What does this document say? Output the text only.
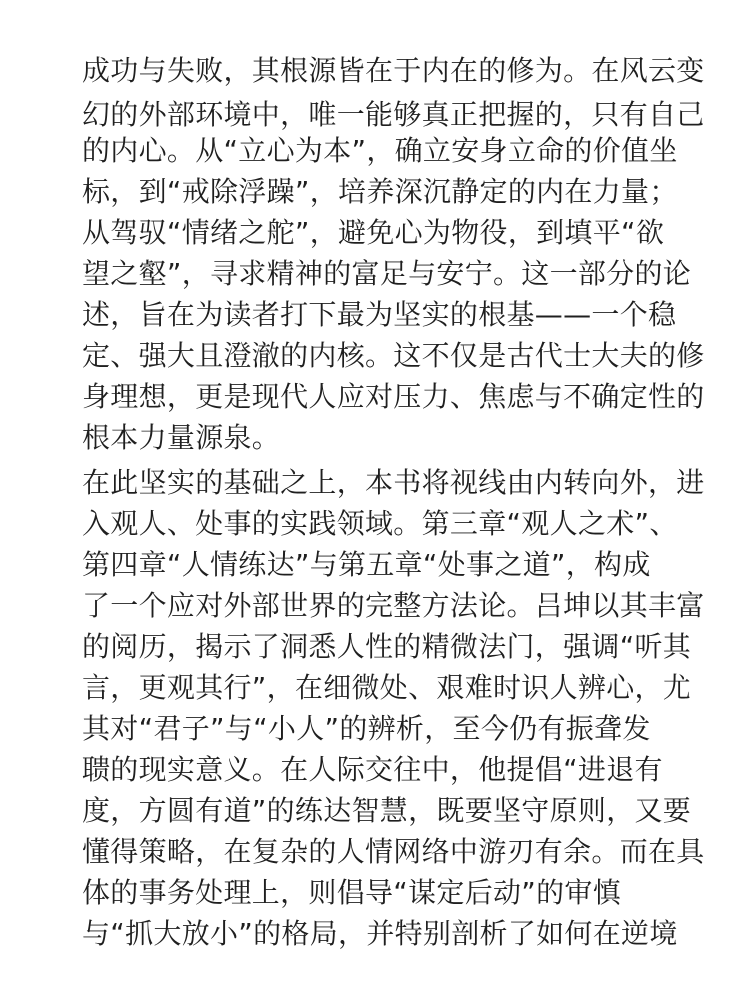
成功与失败，其根源皆在于内在的修为。在风云变
幻的外部环境中，唯一能够真正把握的，只有自己
的内心。从“立心为本”，确立安身立命的价值坐
标，到“戒除浮躁”，培养深沉静定的内在力量；
从驾驭“情绪之舵”，避免心为物役，到填平“欲
望之壑”，寻求精神的富足与安宁。这一部分的论
述，旨在为读者打下最为坚实的根基——一个稳
定、强大且澄澈的内核。这不仅是古代士大夫的修
身理想，更是现代人应对压力、焦虑与不确定性的
根本力量源泉。
在此坚实的基础之上，本书将视线由内转向外，进
入观人、处事的实践领域。第三章“观人之术”、
第四章“人情练达”与第五章“处事之道”，构成
了一个应对外部世界的完整方法论。吕坤以其丰富
的阅历，揭示了洞悉人性的精微法门，强调“听其
言，更观其行”，在细微处、艰难时识人辨心，尤
其对“君子”与“小人”的辨析，至今仍有振聋发
聩的现实意义。在人际交往中，他提倡“进退有
度，方圆有道”的练达智慧，既要坚守原则，又要
懂得策略，在复杂的人情网络中游刃有余。而在具
体的事务处理上，则倡导“谋定后动”的审慎
与“抓大放小”的格局，并特别剖析了如何在逆境
